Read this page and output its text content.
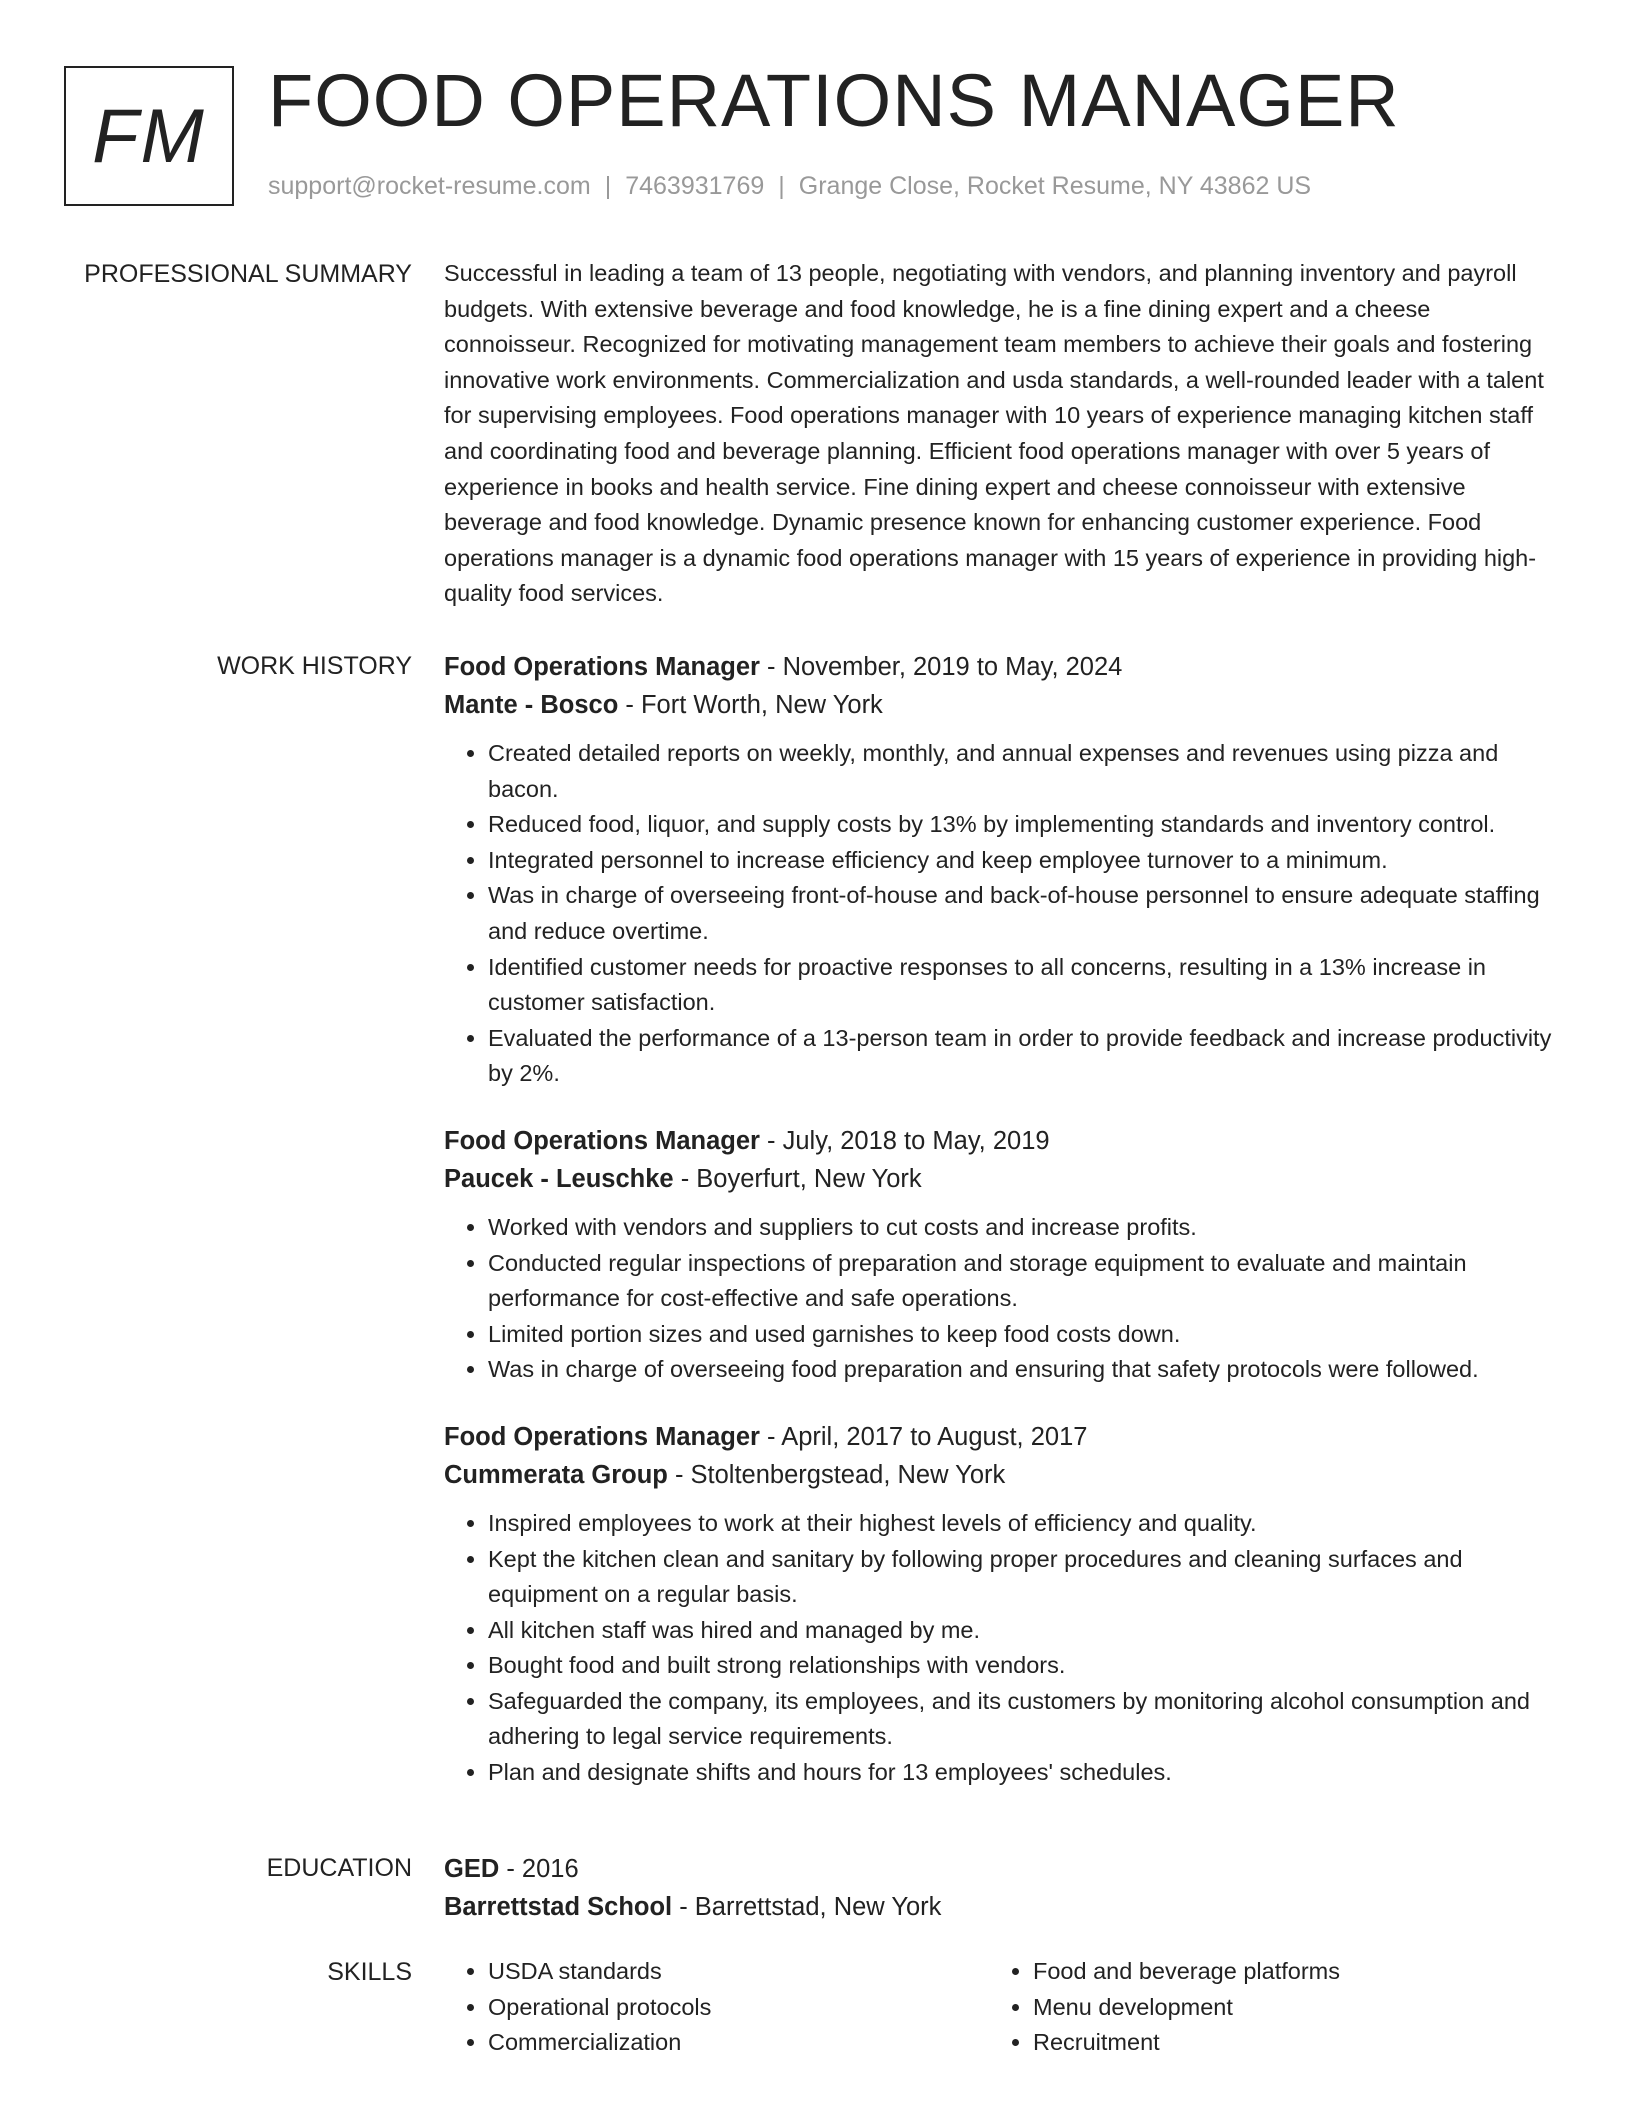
FM FOOD OPERATIONS MANAGER
support@rocket-resume.com | 7463931769 | Grange Close, Rocket Resume, NY 43862 US
PROFESSIONAL SUMMARY Successful in leading a team of 13 people, negotiating with vendors, and planning inventory and payroll budgets. With extensive beverage and food knowledge, he is a fine dining expert and a cheese connoisseur. Recognized for motivating management team members to achieve their goals and fostering innovative work environments. Commercialization and usda standards, a well-rounded leader with a talent for supervising employees. Food operations manager with 10 years of experience managing kitchen staff and coordinating food and beverage planning. Efficient food operations manager with over 5 years of experience in books and health service. Fine dining expert and cheese connoisseur with extensive beverage and food knowledge. Dynamic presence known for enhancing customer experience. Food operations manager is a dynamic food operations manager with 15 years of experience in providing high-quality food services.
WORK HISTORY Food Operations Manager - November, 2019 to May, 2024
Mante - Bosco - Fort Worth, New York
• Created detailed reports on weekly, monthly, and annual expenses and revenues using pizza and bacon.
• Reduced food, liquor, and supply costs by 13% by implementing standards and inventory control.
• Integrated personnel to increase efficiency and keep employee turnover to a minimum.
• Was in charge of overseeing front-of-house and back-of-house personnel to ensure adequate staffing and reduce overtime.
• Identified customer needs for proactive responses to all concerns, resulting in a 13% increase in customer satisfaction.
• Evaluated the performance of a 13-person team in order to provide feedback and increase productivity by 2%.
Food Operations Manager - July, 2018 to May, 2019
Paucek - Leuschke - Boyerfurt, New York
• Worked with vendors and suppliers to cut costs and increase profits.
• Conducted regular inspections of preparation and storage equipment to evaluate and maintain performance for cost-effective and safe operations.
• Limited portion sizes and used garnishes to keep food costs down.
• Was in charge of overseeing food preparation and ensuring that safety protocols were followed.
Food Operations Manager - April, 2017 to August, 2017
Cummerata Group - Stoltenbergstead, New York
• Inspired employees to work at their highest levels of efficiency and quality.
• Kept the kitchen clean and sanitary by following proper procedures and cleaning surfaces and equipment on a regular basis.
• All kitchen staff was hired and managed by me.
• Bought food and built strong relationships with vendors.
• Safeguarded the company, its employees, and its customers by monitoring alcohol consumption and adhering to legal service requirements.
• Plan and designate shifts and hours for 13 employees' schedules.
EDUCATION GED - 2016
Barrettstad School - Barrettstad, New York
SKILLS
•	USDA standards
• Operational protocols
• Commercialization
• Food and beverage platforms
• Menu development
• Recruitment
